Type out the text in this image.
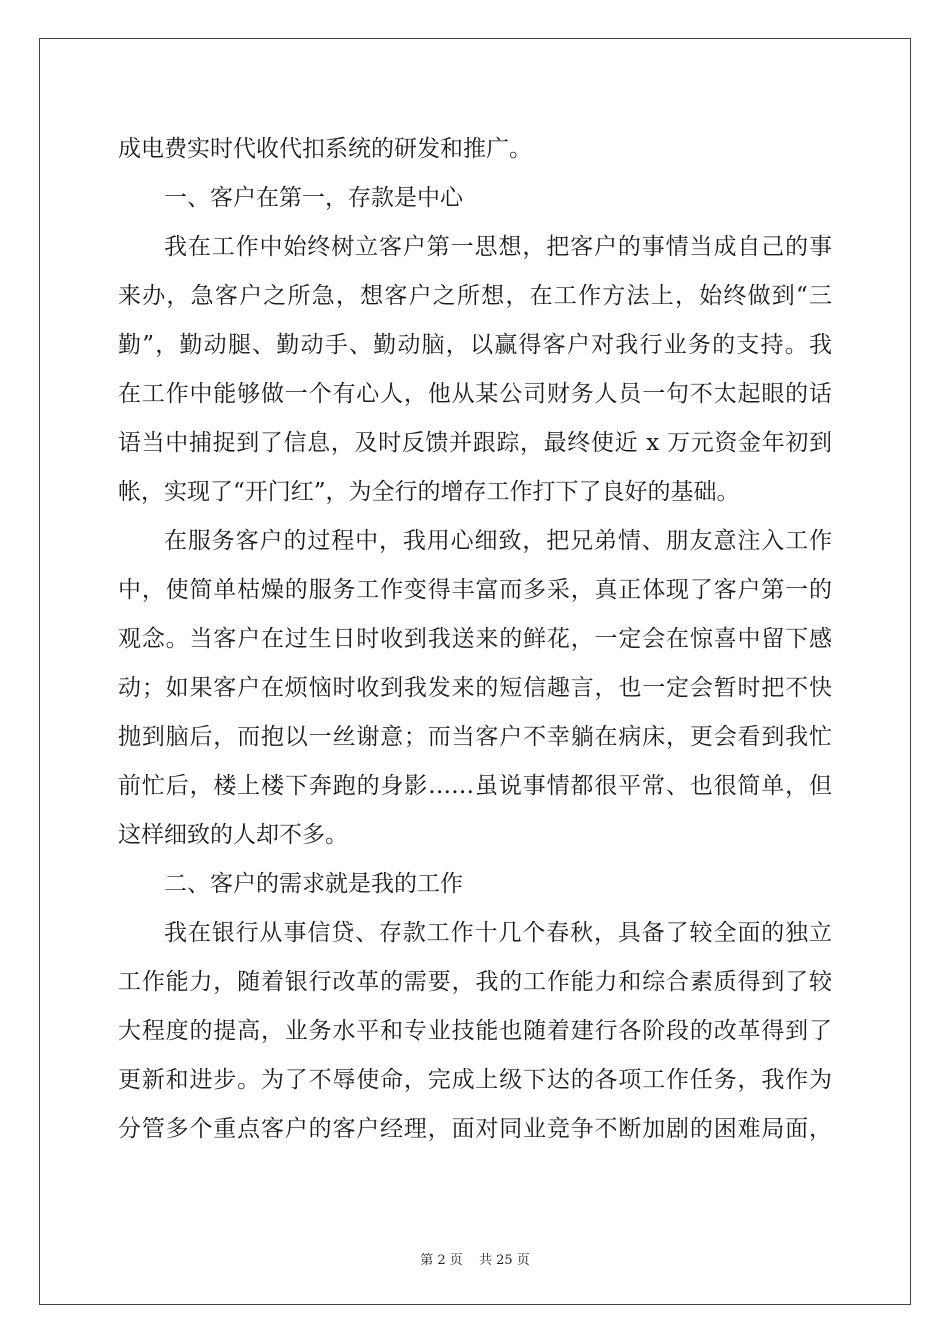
成电费实时代收代扣系统的研发和推广。
一、客户在第一，存款是中心
我在工作中始终树立客户第一思想，把客户的事情当成自己的事
来办，急客户之所急，想客户之所想，在工作方法上，始终做到“三
勤”，勤动腿、勤动手、勤动脑，以赢得客户对我行业务的支持。我
在工作中能够做一个有心人，他从某公司财务人员一句不太起眼的话
语当中捕捉到了信息，及时反馈并跟踪，最终使近 x 万元资金年初到
帐，实现了“开门红”，为全行的增存工作打下了良好的基础。
在服务客户的过程中，我用心细致，把兄弟情、朋友意注入工作
中，使简单枯燥的服务工作变得丰富而多采，真正体现了客户第一的
观念。当客户在过生日时收到我送来的鲜花，一定会在惊喜中留下感
动；如果客户在烦恼时收到我发来的短信趣言，也一定会暂时把不快
抛到脑后，而抱以一丝谢意；而当客户不幸躺在病床，更会看到我忙
前忙后，楼上楼下奔跑的身影……虽说事情都很平常、也很简单，但
这样细致的人却不多。
二、客户的需求就是我的工作
我在银行从事信贷、存款工作十几个春秋，具备了较全面的独立
工作能力，随着银行改革的需要，我的工作能力和综合素质得到了较
大程度的提高，业务水平和专业技能也随着建行各阶段的改革得到了
更新和进步。为了不辱使命，完成上级下达的各项工作任务，我作为
分管多个重点客户的客户经理，面对同业竞争不断加剧的困难局面，
第 2 页 共 25 页
